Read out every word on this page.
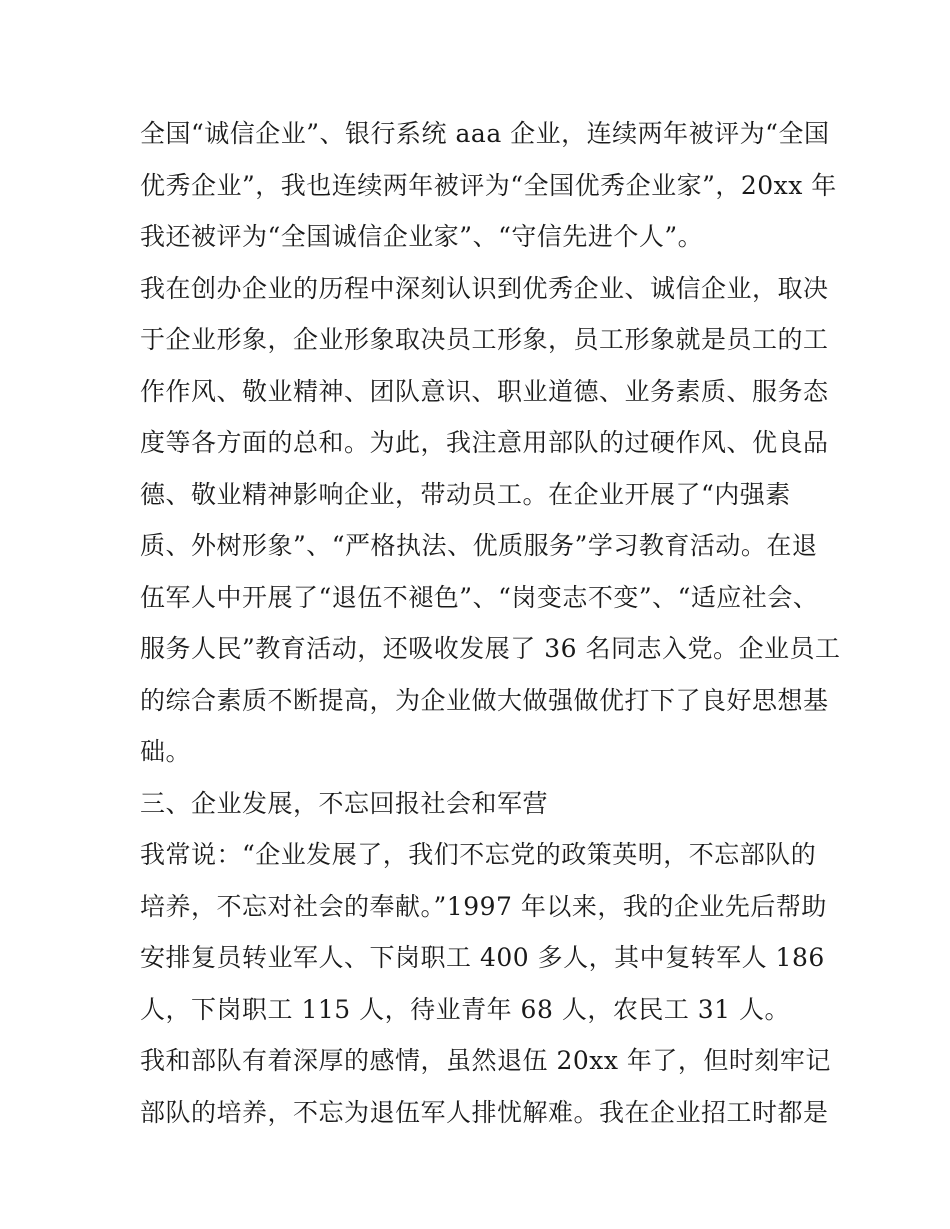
全国“诚信企业”、银行系统 aaa 企业，连续两年被评为“全国
优秀企业”，我也连续两年被评为“全国优秀企业家”，20xx 年
我还被评为“全国诚信企业家”、“守信先进个人”。
我在创办企业的历程中深刻认识到优秀企业、诚信企业，取决
于企业形象，企业形象取决员工形象，员工形象就是员工的工
作作风、敬业精神、团队意识、职业道德、业务素质、服务态
度等各方面的总和。为此，我注意用部队的过硬作风、优良品
德、敬业精神影响企业，带动员工。在企业开展了“内强素
质、外树形象”、“严格执法、优质服务”学习教育活动。在退
伍军人中开展了“退伍不褪色”、“岗变志不变”、“适应社会、
服务人民”教育活动，还吸收发展了 36 名同志入党。企业员工
的综合素质不断提高，为企业做大做强做优打下了良好思想基
础。
三、企业发展，不忘回报社会和军营
我常说：“企业发展了，我们不忘党的政策英明，不忘部队的
培养，不忘对社会的奉献。”1997 年以来，我的企业先后帮助
安排复员转业军人、下岗职工 400 多人，其中复转军人 186
人，下岗职工 115 人，待业青年 68 人，农民工 31 人。
我和部队有着深厚的感情，虽然退伍 20xx 年了，但时刻牢记
部队的培养，不忘为退伍军人排忧解难。我在企业招工时都是
